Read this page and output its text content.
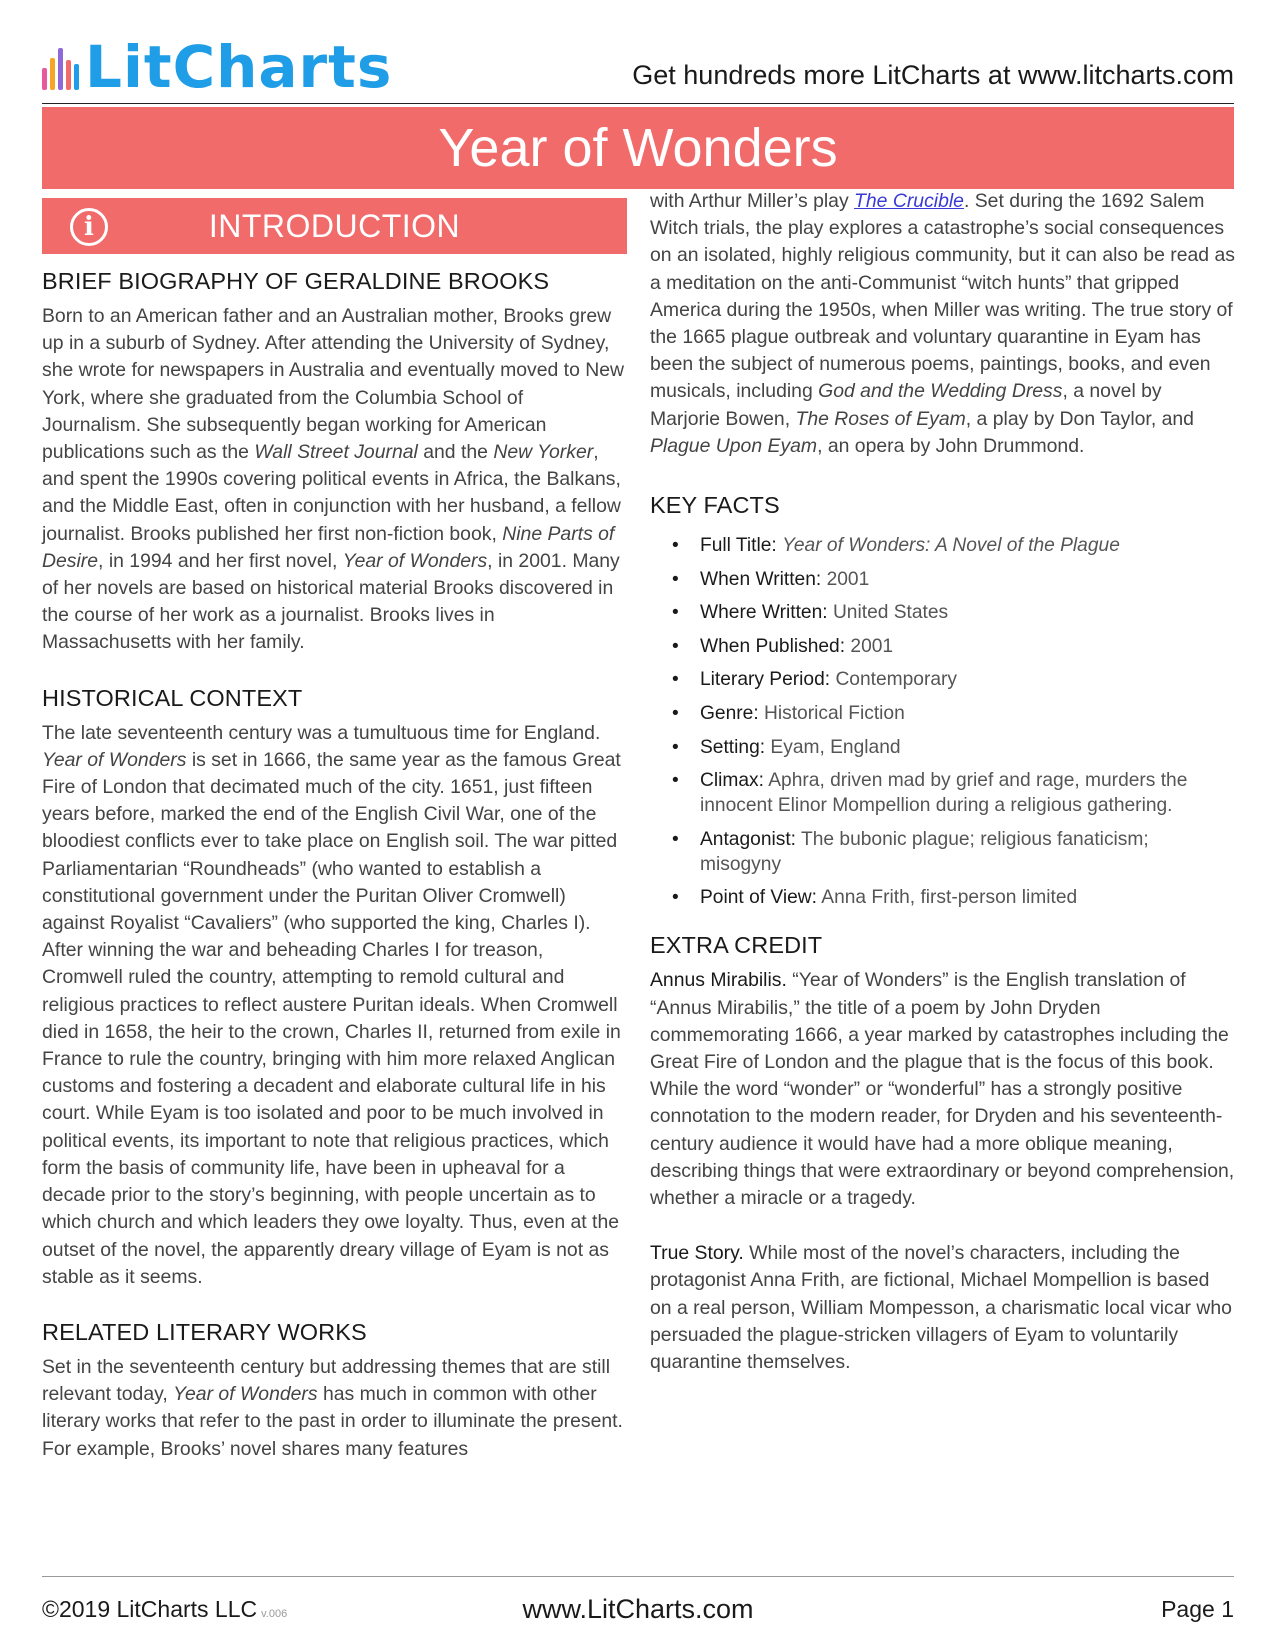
LitCharts	Get hundreds more LitCharts at www.litcharts.com
Year of Wonders
i	INTRODUCTION
BRIEF BIOGRAPHY OF GERALDINE BROOKS

Born to an American father and an Australian mother, Brooks grew up in a suburb of Sydney. After attending the University of Sydney, she wrote for newspapers in Australia and eventually moved to New York, where she graduated from the Columbia School of Journalism. She subsequently began working for American publications such as the Wall Street Journal and the New Yorker, and spent the 1990s covering political events in Africa, the Balkans, and the Middle East, often in conjunction with her husband, a fellow journalist. Brooks published her first non-fiction book, Nine Parts of Desire, in 1994 and her first novel, Year of Wonders, in 2001. Many of her novels are based on historical material Brooks discovered in the course of her work as a journalist. Brooks lives in Massachusetts with her family.

HISTORICAL CONTEXT

The late seventeenth century was a tumultuous time for England. Year of Wonders is set in 1666, the same year as the famous Great Fire of London that decimated much of the city. 1651, just fifteen years before, marked the end of the English Civil War, one of the bloodiest conflicts ever to take place on English soil. The war pitted Parliamentarian “Roundheads” (who wanted to establish a constitutional government under the Puritan Oliver Cromwell) against Royalist “Cavaliers” (who supported the king, Charles I). After winning the war and beheading Charles I for treason, Cromwell ruled the country, attempting to remold cultural and religious practices to reflect austere Puritan ideals. When Cromwell died in 1658, the heir to the crown, Charles II, returned from exile in France to rule the country, bringing with him more relaxed Anglican customs and fostering a decadent and elaborate cultural life in his court. While Eyam is too isolated and poor to be much involved in political events, its important to note that religious practices, which form the basis of community life, have been in upheaval for a decade prior to the story’s beginning, with people uncertain as to which church and which leaders they owe loyalty. Thus, even at the outset of the novel, the apparently dreary village of Eyam is not as stable as it seems.

RELATED LITERARY WORKS

Set in the seventeenth century but addressing themes that are still relevant today, Year of Wonders has much in common with other literary works that refer to the past in order to illuminate the present. For example, Brooks’ novel shares many features

with Arthur Miller’s play The Crucible. Set during the 1692 Salem Witch trials, the play explores a catastrophe’s social consequences on an isolated, highly religious community, but it can also be read as a meditation on the anti-Communist “witch hunts” that gripped America during the 1950s, when Miller was writing. The true story of the 1665 plague outbreak and voluntary quarantine in Eyam has been the subject of numerous poems, paintings, books, and even musicals, including God and the Wedding Dress, a novel by Marjorie Bowen, The Roses of Eyam, a play by Don Taylor, and Plague Upon Eyam, an opera by John Drummond.

KEY FACTS
• Full Title: Year of Wonders: A Novel of the Plague
• When Written: 2001
• Where Written: United States
• When Published: 2001
• Literary Period: Contemporary
• Genre: Historical Fiction
• Setting: Eyam, England
• Climax: Aphra, driven mad by grief and rage, murders the innocent Elinor Mompellion during a religious gathering.
• Antagonist: The bubonic plague; religious fanaticism; misogyny
• Point of View: Anna Frith, first-person limited
EXTRA CREDIT

Annus Mirabilis. “Year of Wonders” is the English translation of “Annus Mirabilis,” the title of a poem by John Dryden commemorating 1666, a year marked by catastrophes including the Great Fire of London and the plague that is the focus of this book. While the word “wonder” or “wonderful” has a strongly positive connotation to the modern reader, for Dryden and his seventeenth-century audience it would have had a more oblique meaning, describing things that were extraordinary or beyond comprehension, whether a miracle or a tragedy.

True Story. While most of the novel’s characters, including the protagonist Anna Frith, are fictional, Michael Mompellion is based on a real person, William Mompesson, a charismatic local vicar who persuaded the plague-stricken villagers of Eyam to voluntarily quarantine themselves.

©2019 LitCharts LLC v.006	www.LitCharts.com	Page 1
